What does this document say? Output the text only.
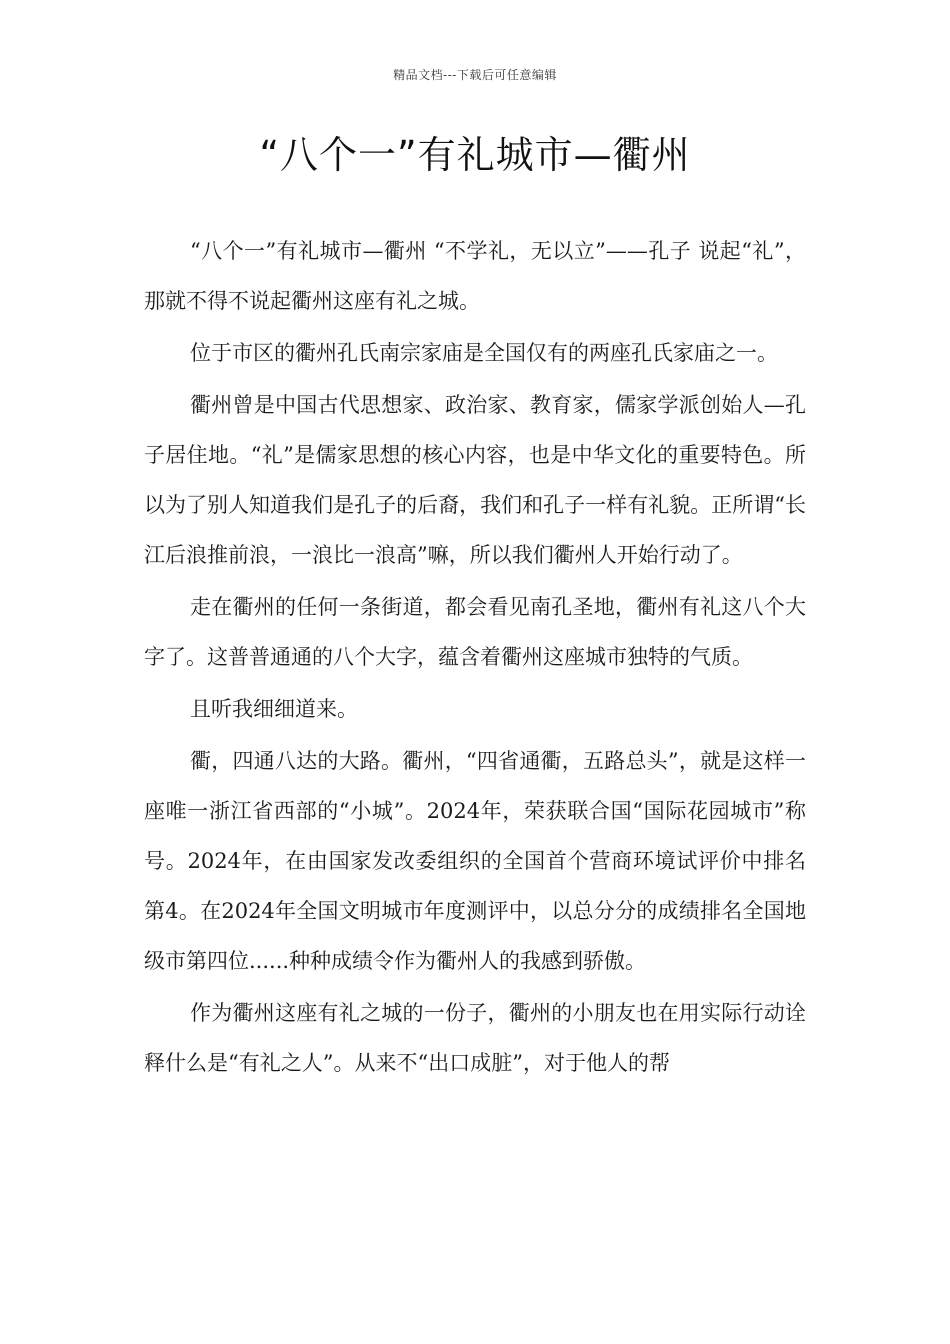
精品文档---下载后可任意编辑
“八个一”有礼城市—衢州

“八个一”有礼城市—衢州 “不学礼，无以立”——孔子 说起“礼”，那就不得不说起衢州这座有礼之城。

位于市区的衢州孔氏南宗家庙是全国仅有的两座孔氏家庙之一。

衢州曾是中国古代思想家、政治家、教育家，儒家学派创始人—孔子居住地。“礼”是儒家思想的核心内容，也是中华文化的重要特色。所以为了别人知道我们是孔子的后裔，我们和孔子一样有礼貌。正所谓“长江后浪推前浪，一浪比一浪高”嘛，所以我们衢州人开始行动了。

走在衢州的任何一条街道，都会看见南孔圣地，衢州有礼这八个大字了。这普普通通的八个大字，蕴含着衢州这座城市独特的气质。

且听我细细道来。

衢，四通八达的大路。衢州，“四省通衢，五路总头”，就是这样一座唯一浙江省西部的“小城”。2024年，荣获联合国“国际花园城市”称号。2024年，在由国家发改委组织的全国首个营商环境试评价中排名第4。在2024年全国文明城市年度测评中，以总分分的成绩排名全国地级市第四位......种种成绩令作为衢州人的我感到骄傲。

作为衢州这座有礼之城的一份子，衢州的小朋友也在用实际行动诠释什么是“有礼之人”。从来不“出口成脏”，对于他人的帮
